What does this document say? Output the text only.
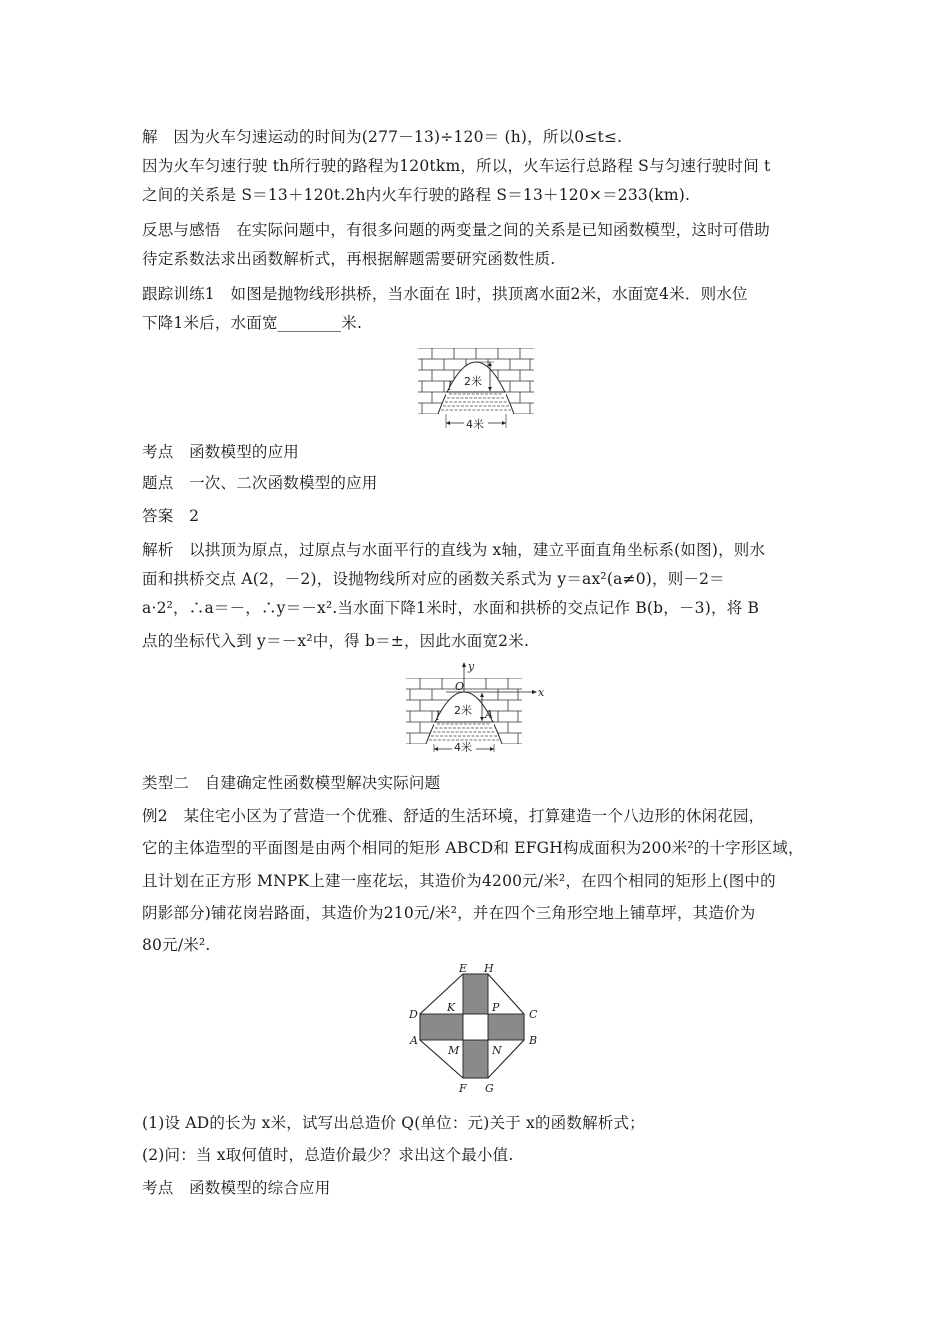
解　因为火车匀速运动的时间为(277－13)÷120＝ (h)，所以0≤t≤.
因为火车匀速行驶 th所行驶的路程为120tkm，所以，火车运行总路程 S与匀速行驶时间 t
之间的关系是 S＝13＋120t.2h内火车行驶的路程 S＝13＋120×＝233(km).
反思与感悟　在实际问题中，有很多问题的两变量之间的关系是已知函数模型，这时可借助
待定系数法求出函数解析式，再根据解题需要研究函数性质.
跟踪训练1　如图是抛物线形拱桥，当水面在 l时，拱顶离水面2米，水面宽4米．则水位
下降1米后，水面宽________米.
2米
l
4米
考点　函数模型的应用
题点　一次、二次函数模型的应用
答案　2
解析　以拱顶为原点，过原点与水面平行的直线为 x轴，建立平面直角坐标系(如图)，则水
面和拱桥交点 A(2，－2)，设抛物线所对应的函数关系式为 y＝ax²(a≠0)，则－2＝
a·2²，∴a＝－，∴y＝－x².当水面下降1米时，水面和拱桥的交点记作 B(b，－3)，将 B
点的坐标代入到 y＝－x²中，得 b＝±，因此水面宽2米.
y
x
O
2米 A
l
4米
类型二　自建确定性函数模型解决实际问题
例2　某住宅小区为了营造一个优雅、舒适的生活环境，打算建造一个八边形的休闲花园，
它的主体造型的平面图是由两个相同的矩形 ABCD和 EFGH构成面积为200米²的十字形区域，
且计划在正方形 MNPK上建一座花坛，其造价为4200元/米²，在四个相同的矩形上(图中的
阴影部分)铺花岗岩路面，其造价为210元/米²，并在四个三角形空地上铺草坪，其造价为
80元/米².
E H
D	C
A	B
F G
K	P
M	N
(1)设 AD的长为 x米，试写出总造价 Q(单位：元)关于 x的函数解析式；
(2)问：当 x取何值时，总造价最少？求出这个最小值.
考点　函数模型的综合应用
